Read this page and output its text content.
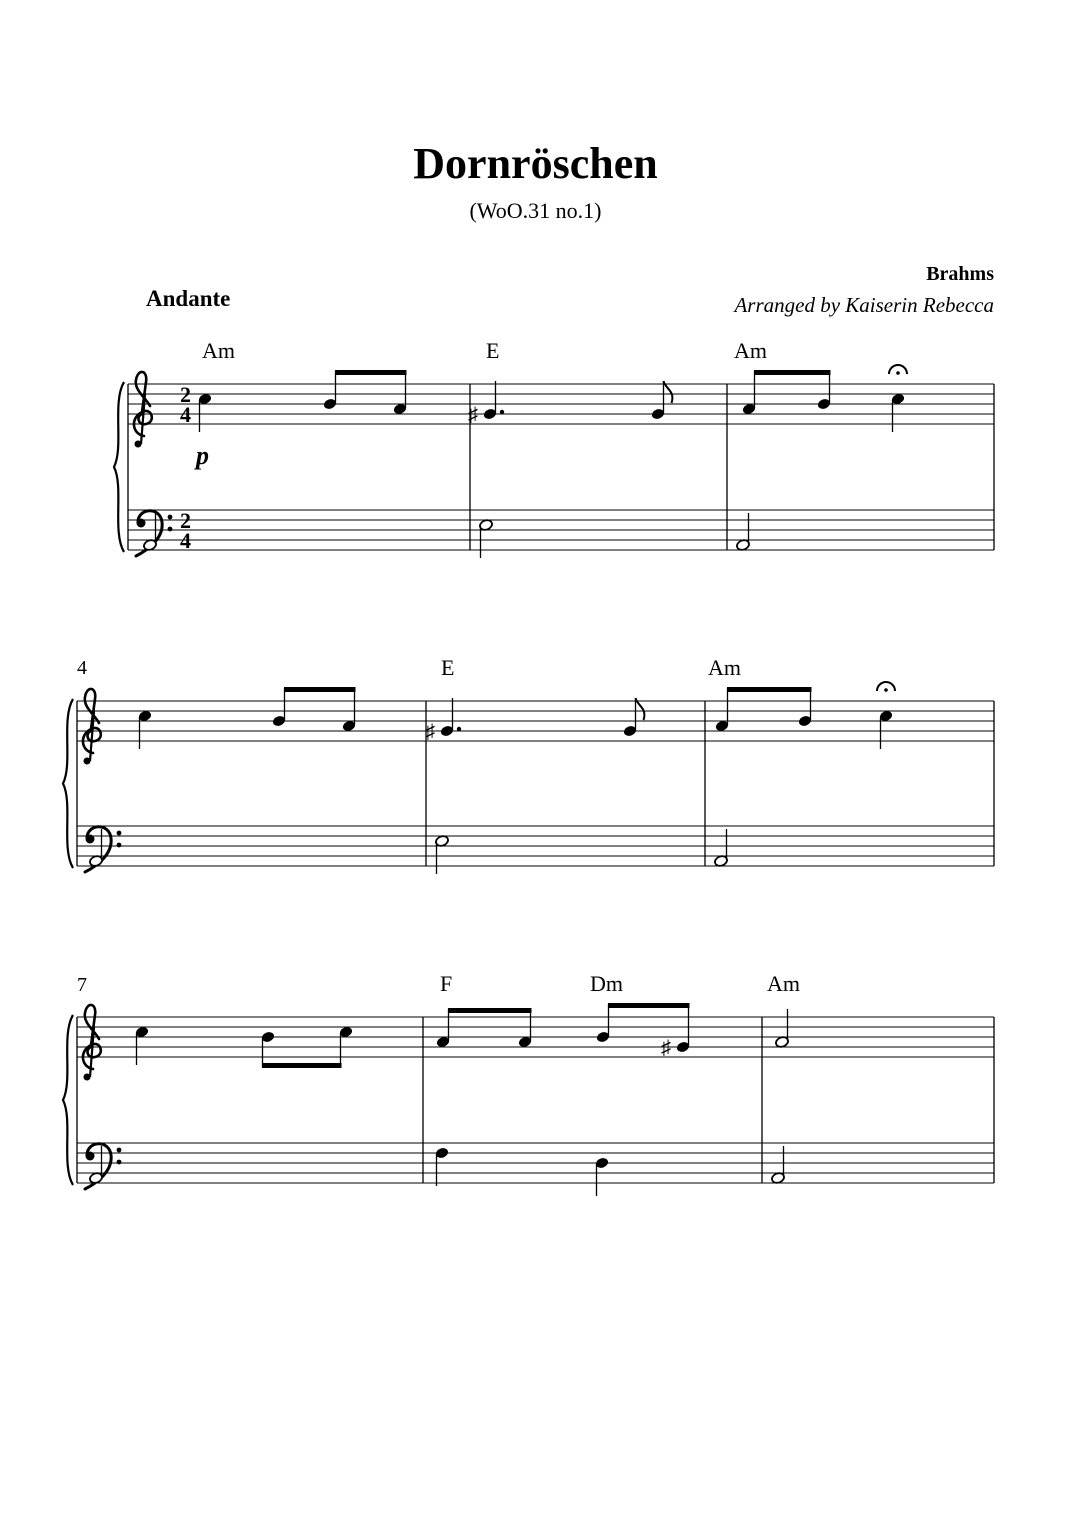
Dornröschen
(WoO.31 no.1)
Brahms
Arranged by Kaiserin Rebecca
Andante
2
4
2
4
p
Am	E	Am
♯
4	E	Am
♯
7	F	Dm	Am
♯
